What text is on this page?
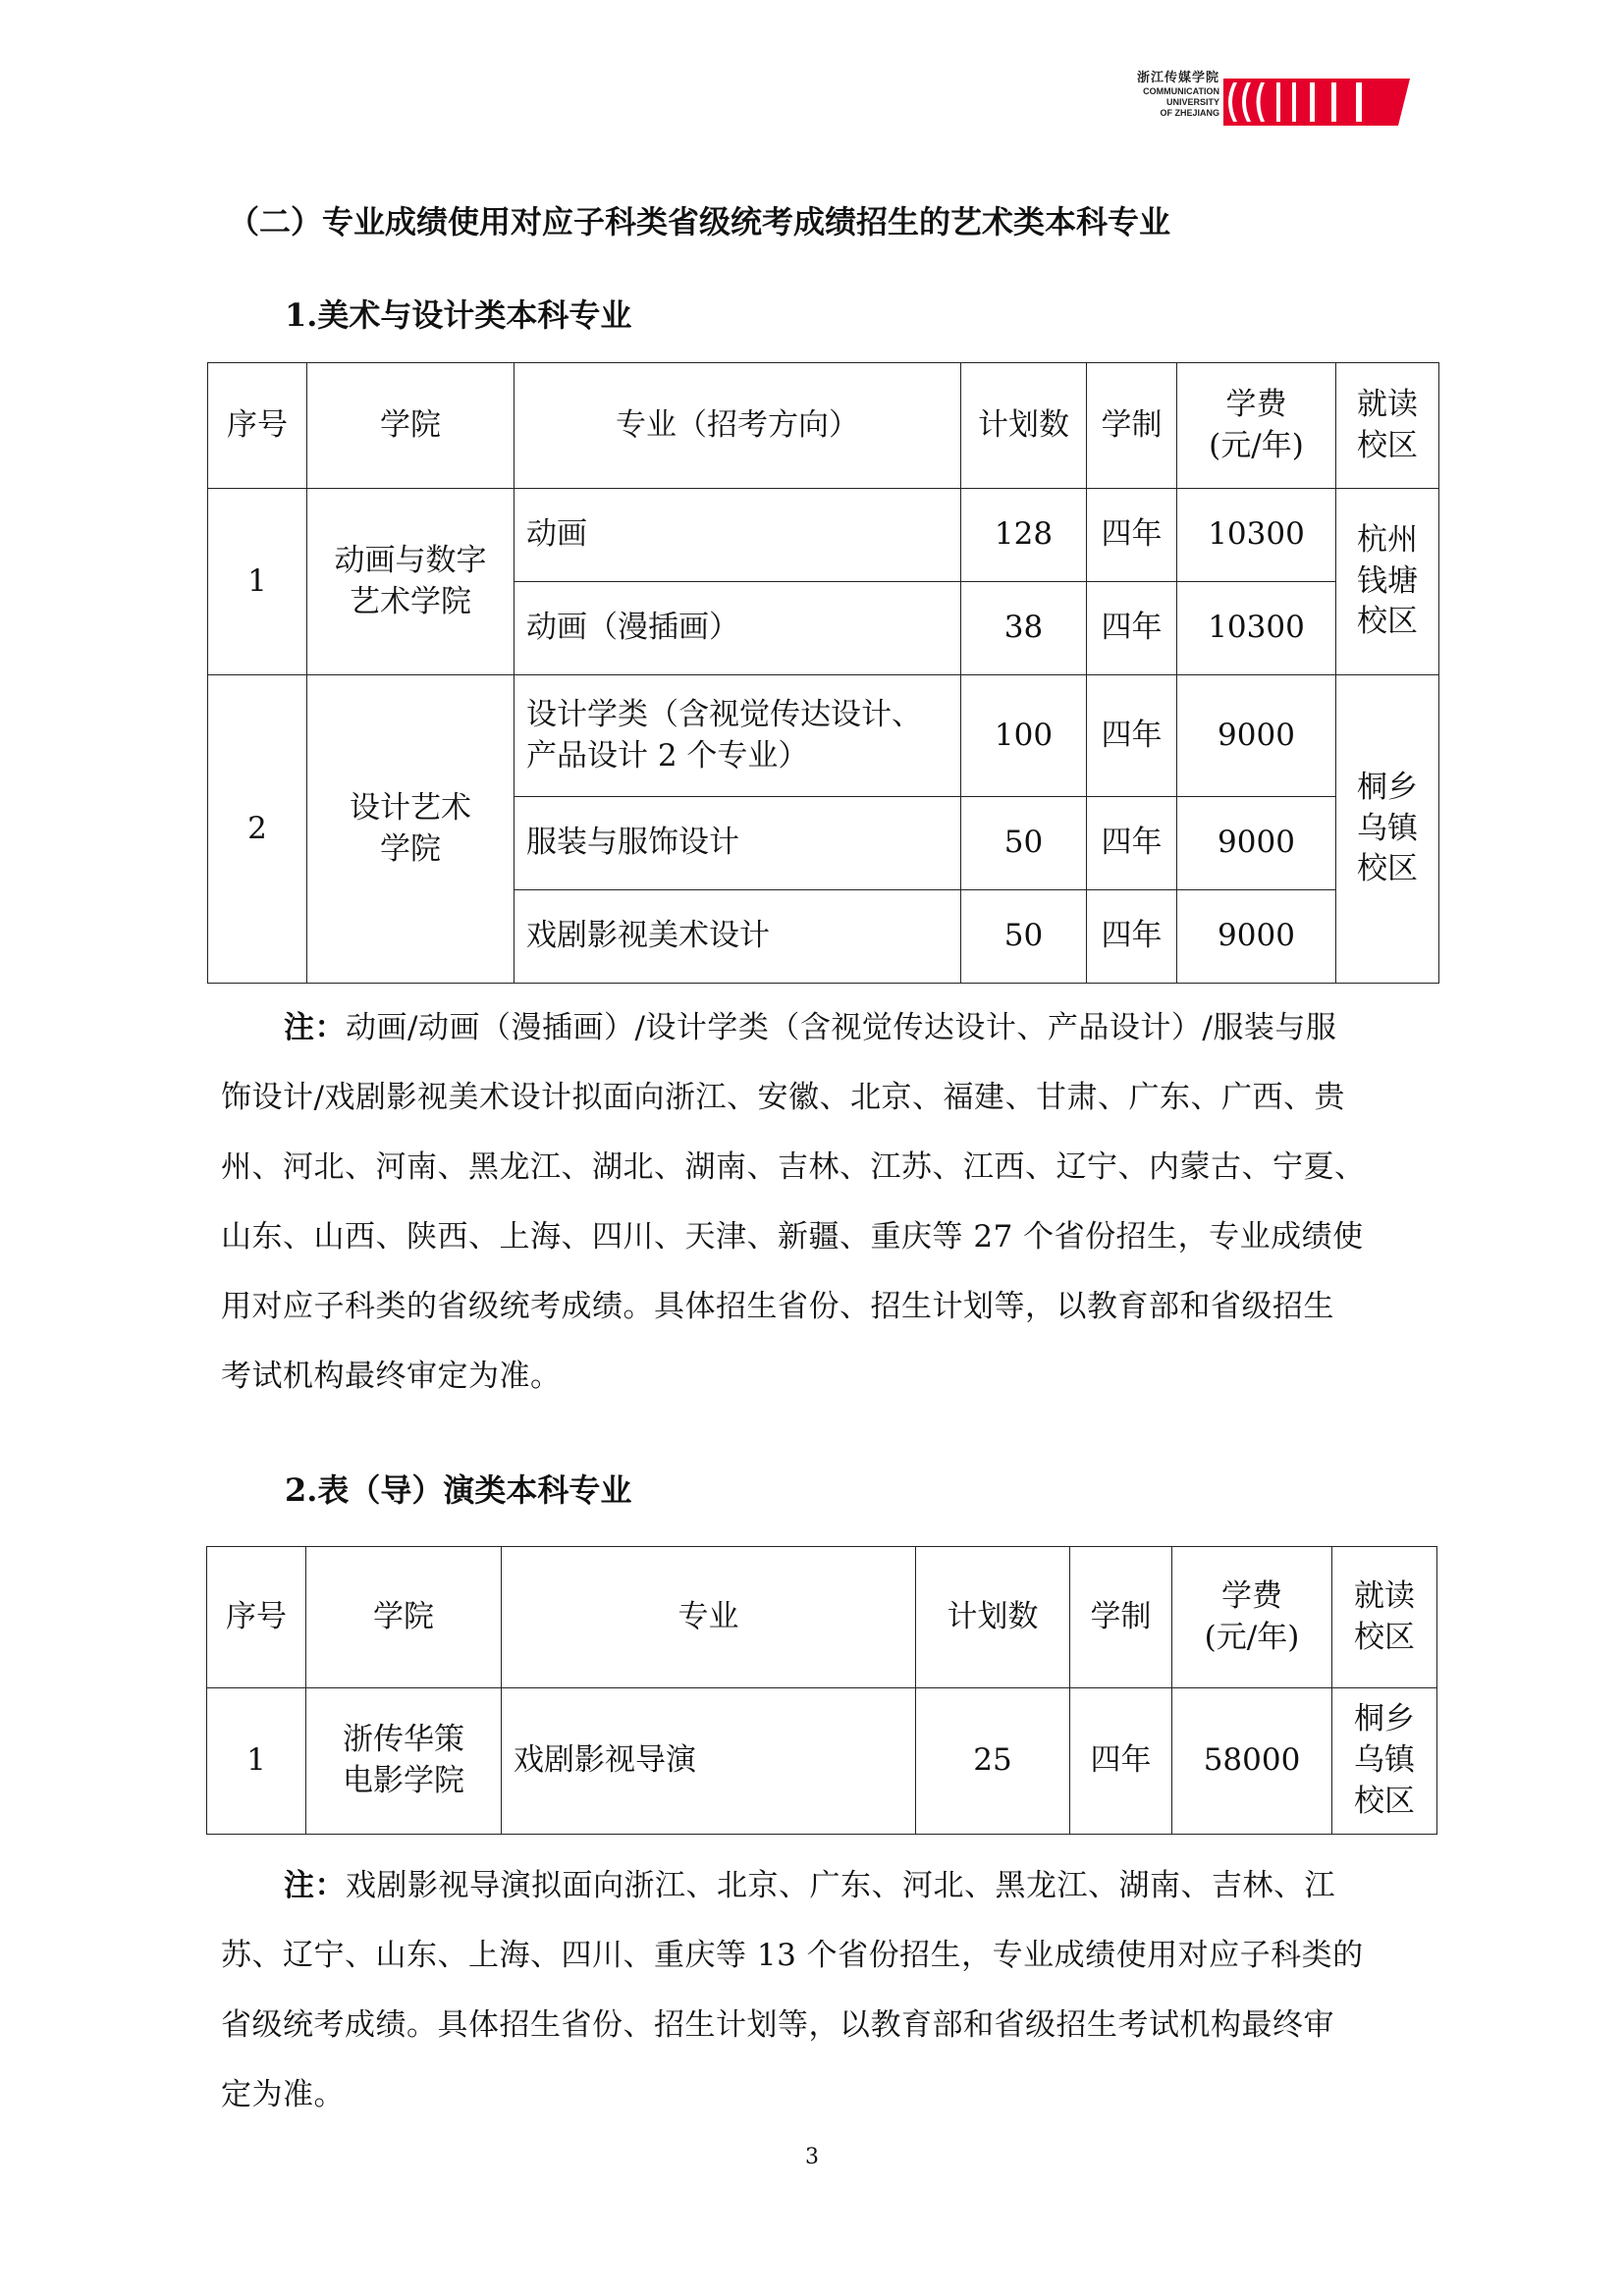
浙江传媒学院
COMMUNICATION
UNIVERSITY
OF ZHEJIANG
（二）专业成绩使用对应子科类省级统考成绩招生的艺术类本科专业
1.美术与设计类本科专业
序号	学院	专业（招考方向）	计划数	学制	学费
(元/年)	就读
校区
1	动画与数字
艺术学院	动画	128	四年	10300	杭州
钱塘
校区
		动画（漫插画）	38	四年	10300	
2	设计艺术
学院	设计学类（含视觉传达设计、
产品设计 2 个专业）	100	四年	9000	桐乡
乌镇
校区
		服装与服饰设计	50	四年	9000	
		戏剧影视美术设计	50	四年	9000	

注：动画/动画（漫插画）/设计学类（含视觉传达设计、产品设计）/服装与服

饰设计/戏剧影视美术设计拟面向浙江、安徽、北京、福建、甘肃、广东、广西、贵

州、河北、河南、黑龙江、湖北、湖南、吉林、江苏、江西、辽宁、内蒙古、宁夏、

山东、山西、陕西、上海、四川、天津、新疆、重庆等 27 个省份招生，专业成绩使

用对应子科类的省级统考成绩。具体招生省份、招生计划等，以教育部和省级招生

考试机构最终审定为准。

2.表（导）演类本科专业
序号	学院	专业	计划数	学制	学费
(元/年)	就读
校区
1	浙传华策
电影学院	戏剧影视导演	25	四年	58000	桐乡
乌镇
校区

注：戏剧影视导演拟面向浙江、北京、广东、河北、黑龙江、湖南、吉林、江

苏、辽宁、山东、上海、四川、重庆等 13 个省份招生，专业成绩使用对应子科类的

省级统考成绩。具体招生省份、招生计划等，以教育部和省级招生考试机构最终审

定为准。

3
